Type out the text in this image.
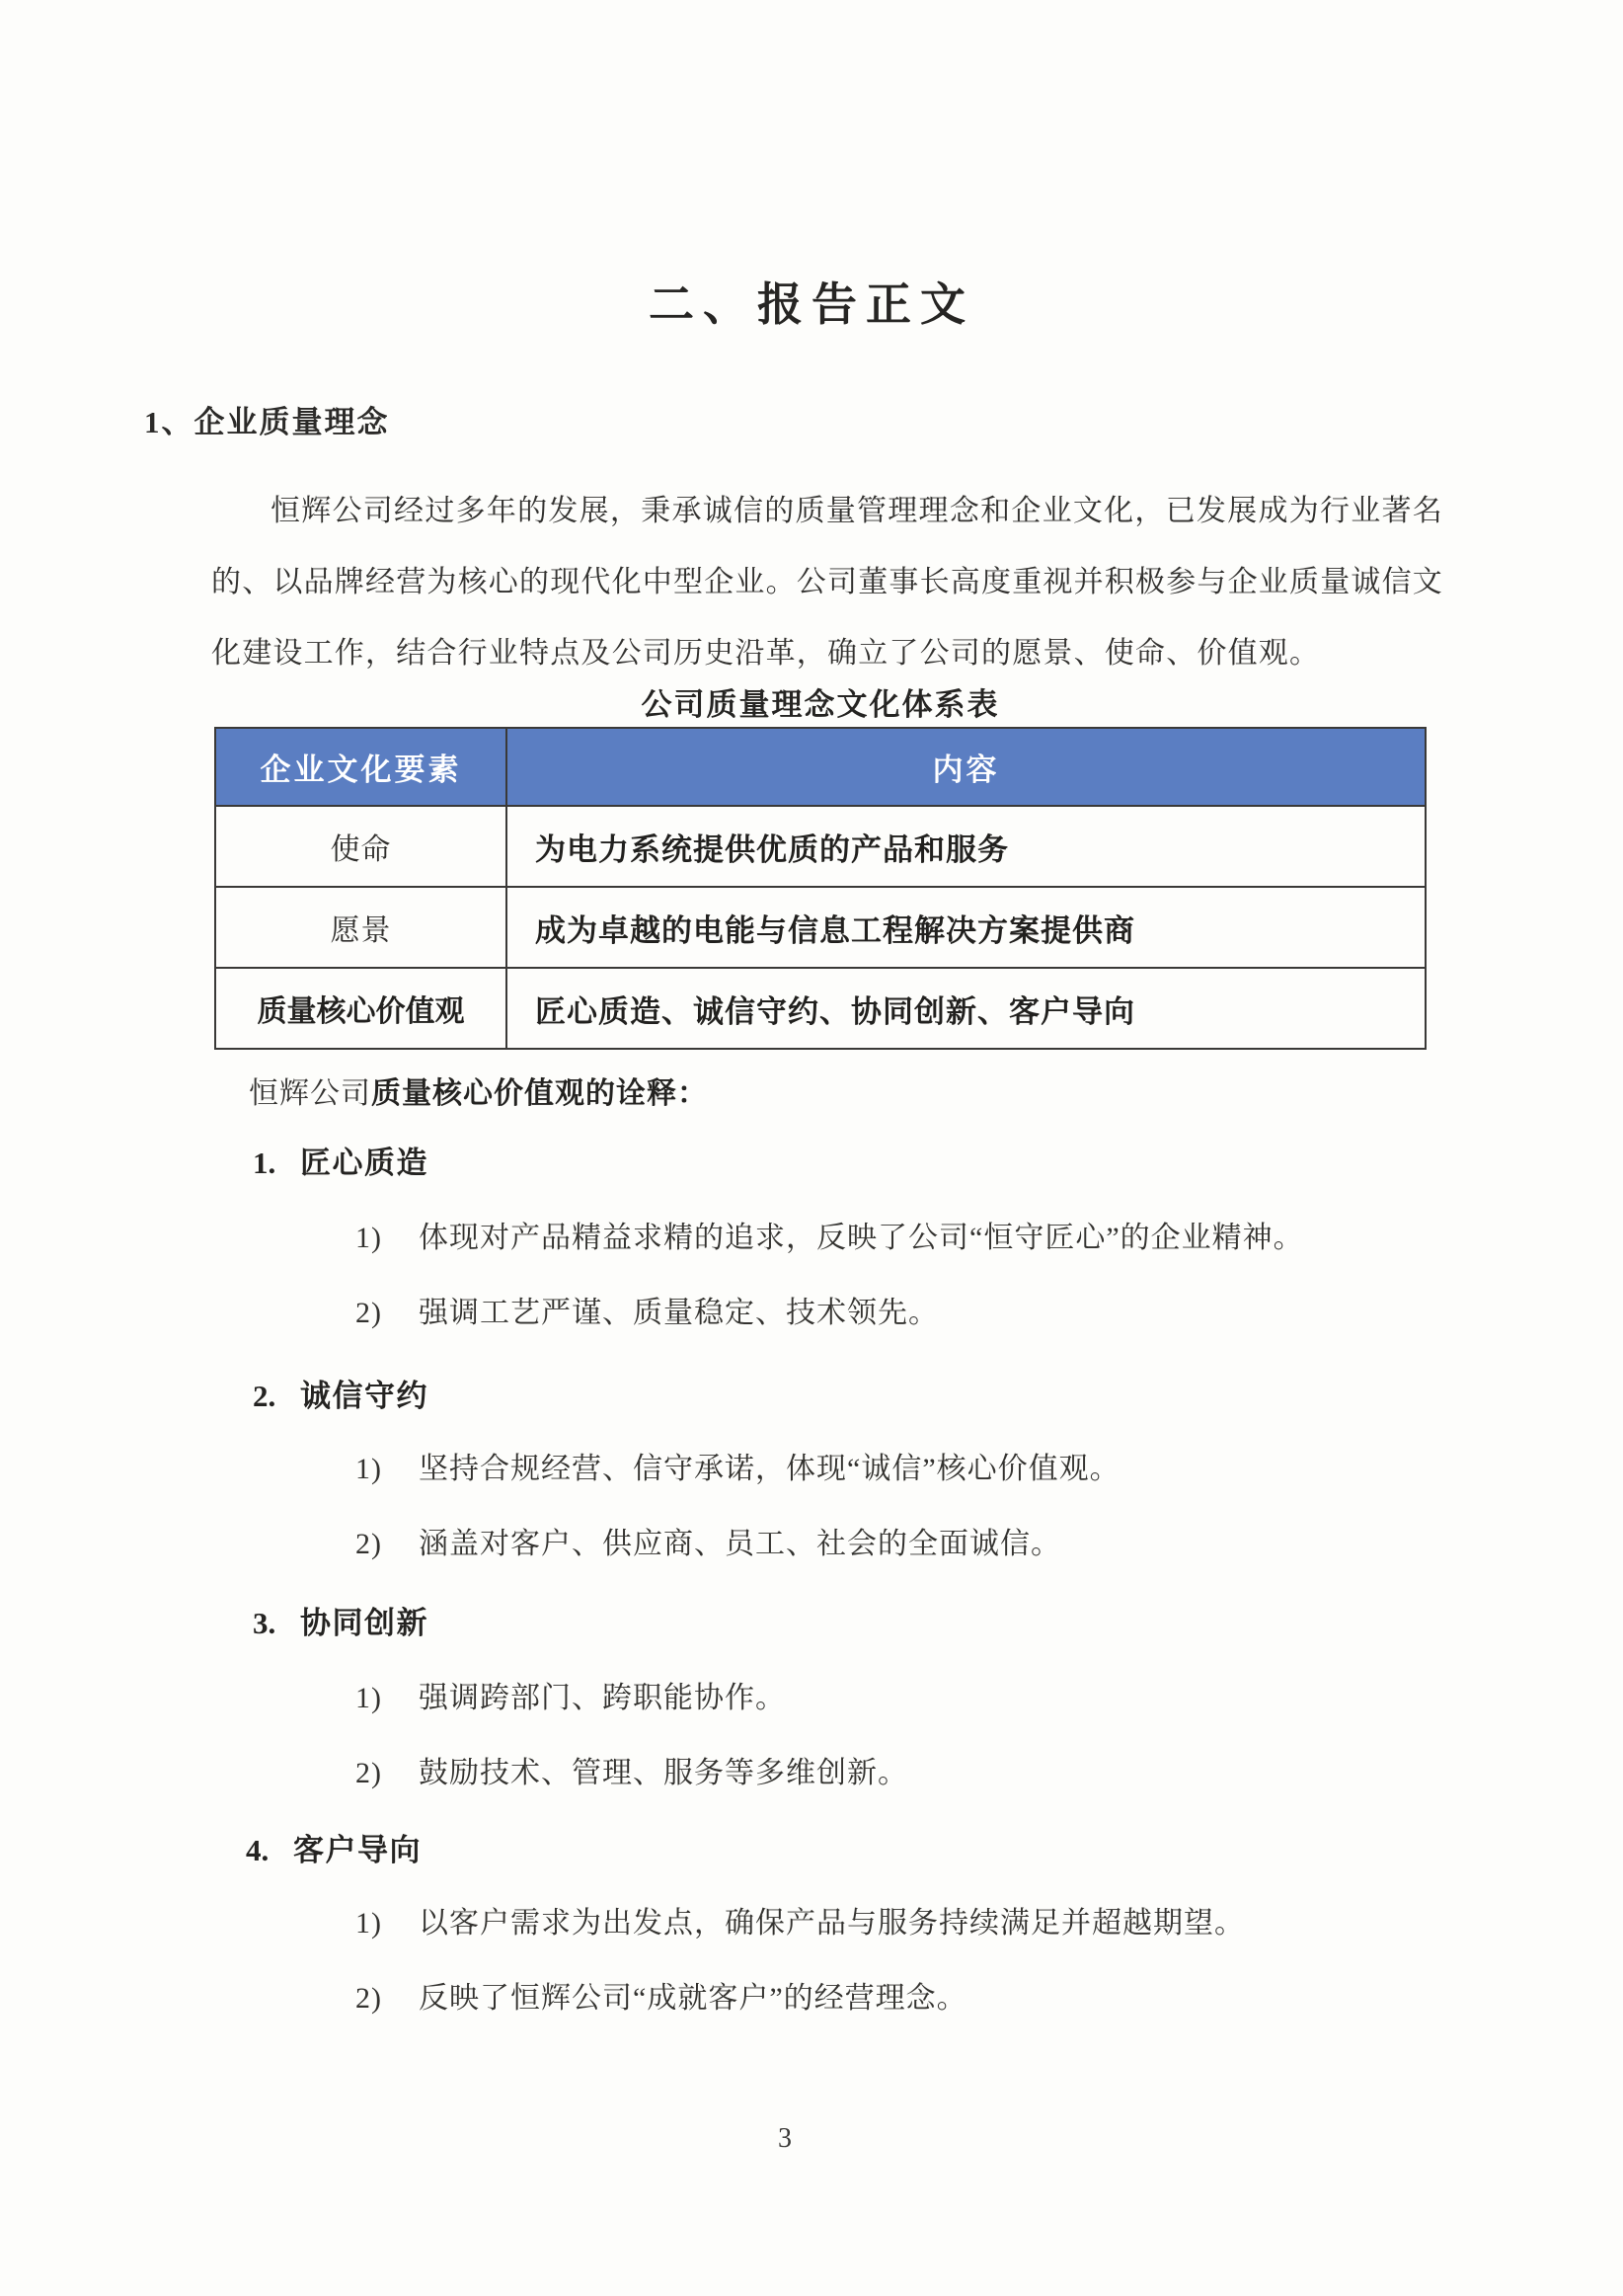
二、报告正文
1、企业质量理念

恒辉公司经过多年的发展，秉承诚信的质量管理理念和企业文化，已发展成为行业著名的、以品牌经营为核心的现代化中型企业。公司董事长高度重视并积极参与企业质量诚信文化建设工作，结合行业特点及公司历史沿革，确立了公司的愿景、使命、价值观。

公司质量理念文化体系表
企业文化要素	内容
使命	为电力系统提供优质的产品和服务
愿景	成为卓越的电能与信息工程解决方案提供商
质量核心价值观	匠心质造、诚信守约、协同创新、客户导向

恒辉公司质量核心价值观的诠释：

1. 匠心质造
1) 体现对产品精益求精的追求，反映了公司“恒守匠心”的企业精神。
2) 强调工艺严谨、质量稳定、技术领先。
2. 诚信守约
1) 坚持合规经营、信守承诺，体现“诚信”核心价值观。
2) 涵盖对客户、供应商、员工、社会的全面诚信。
3. 协同创新
1) 强调跨部门、跨职能协作。
2) 鼓励技术、管理、服务等多维创新。
4. 客户导向
1) 以客户需求为出发点，确保产品与服务持续满足并超越期望。
2) 反映了恒辉公司“成就客户”的经营理念。
3
